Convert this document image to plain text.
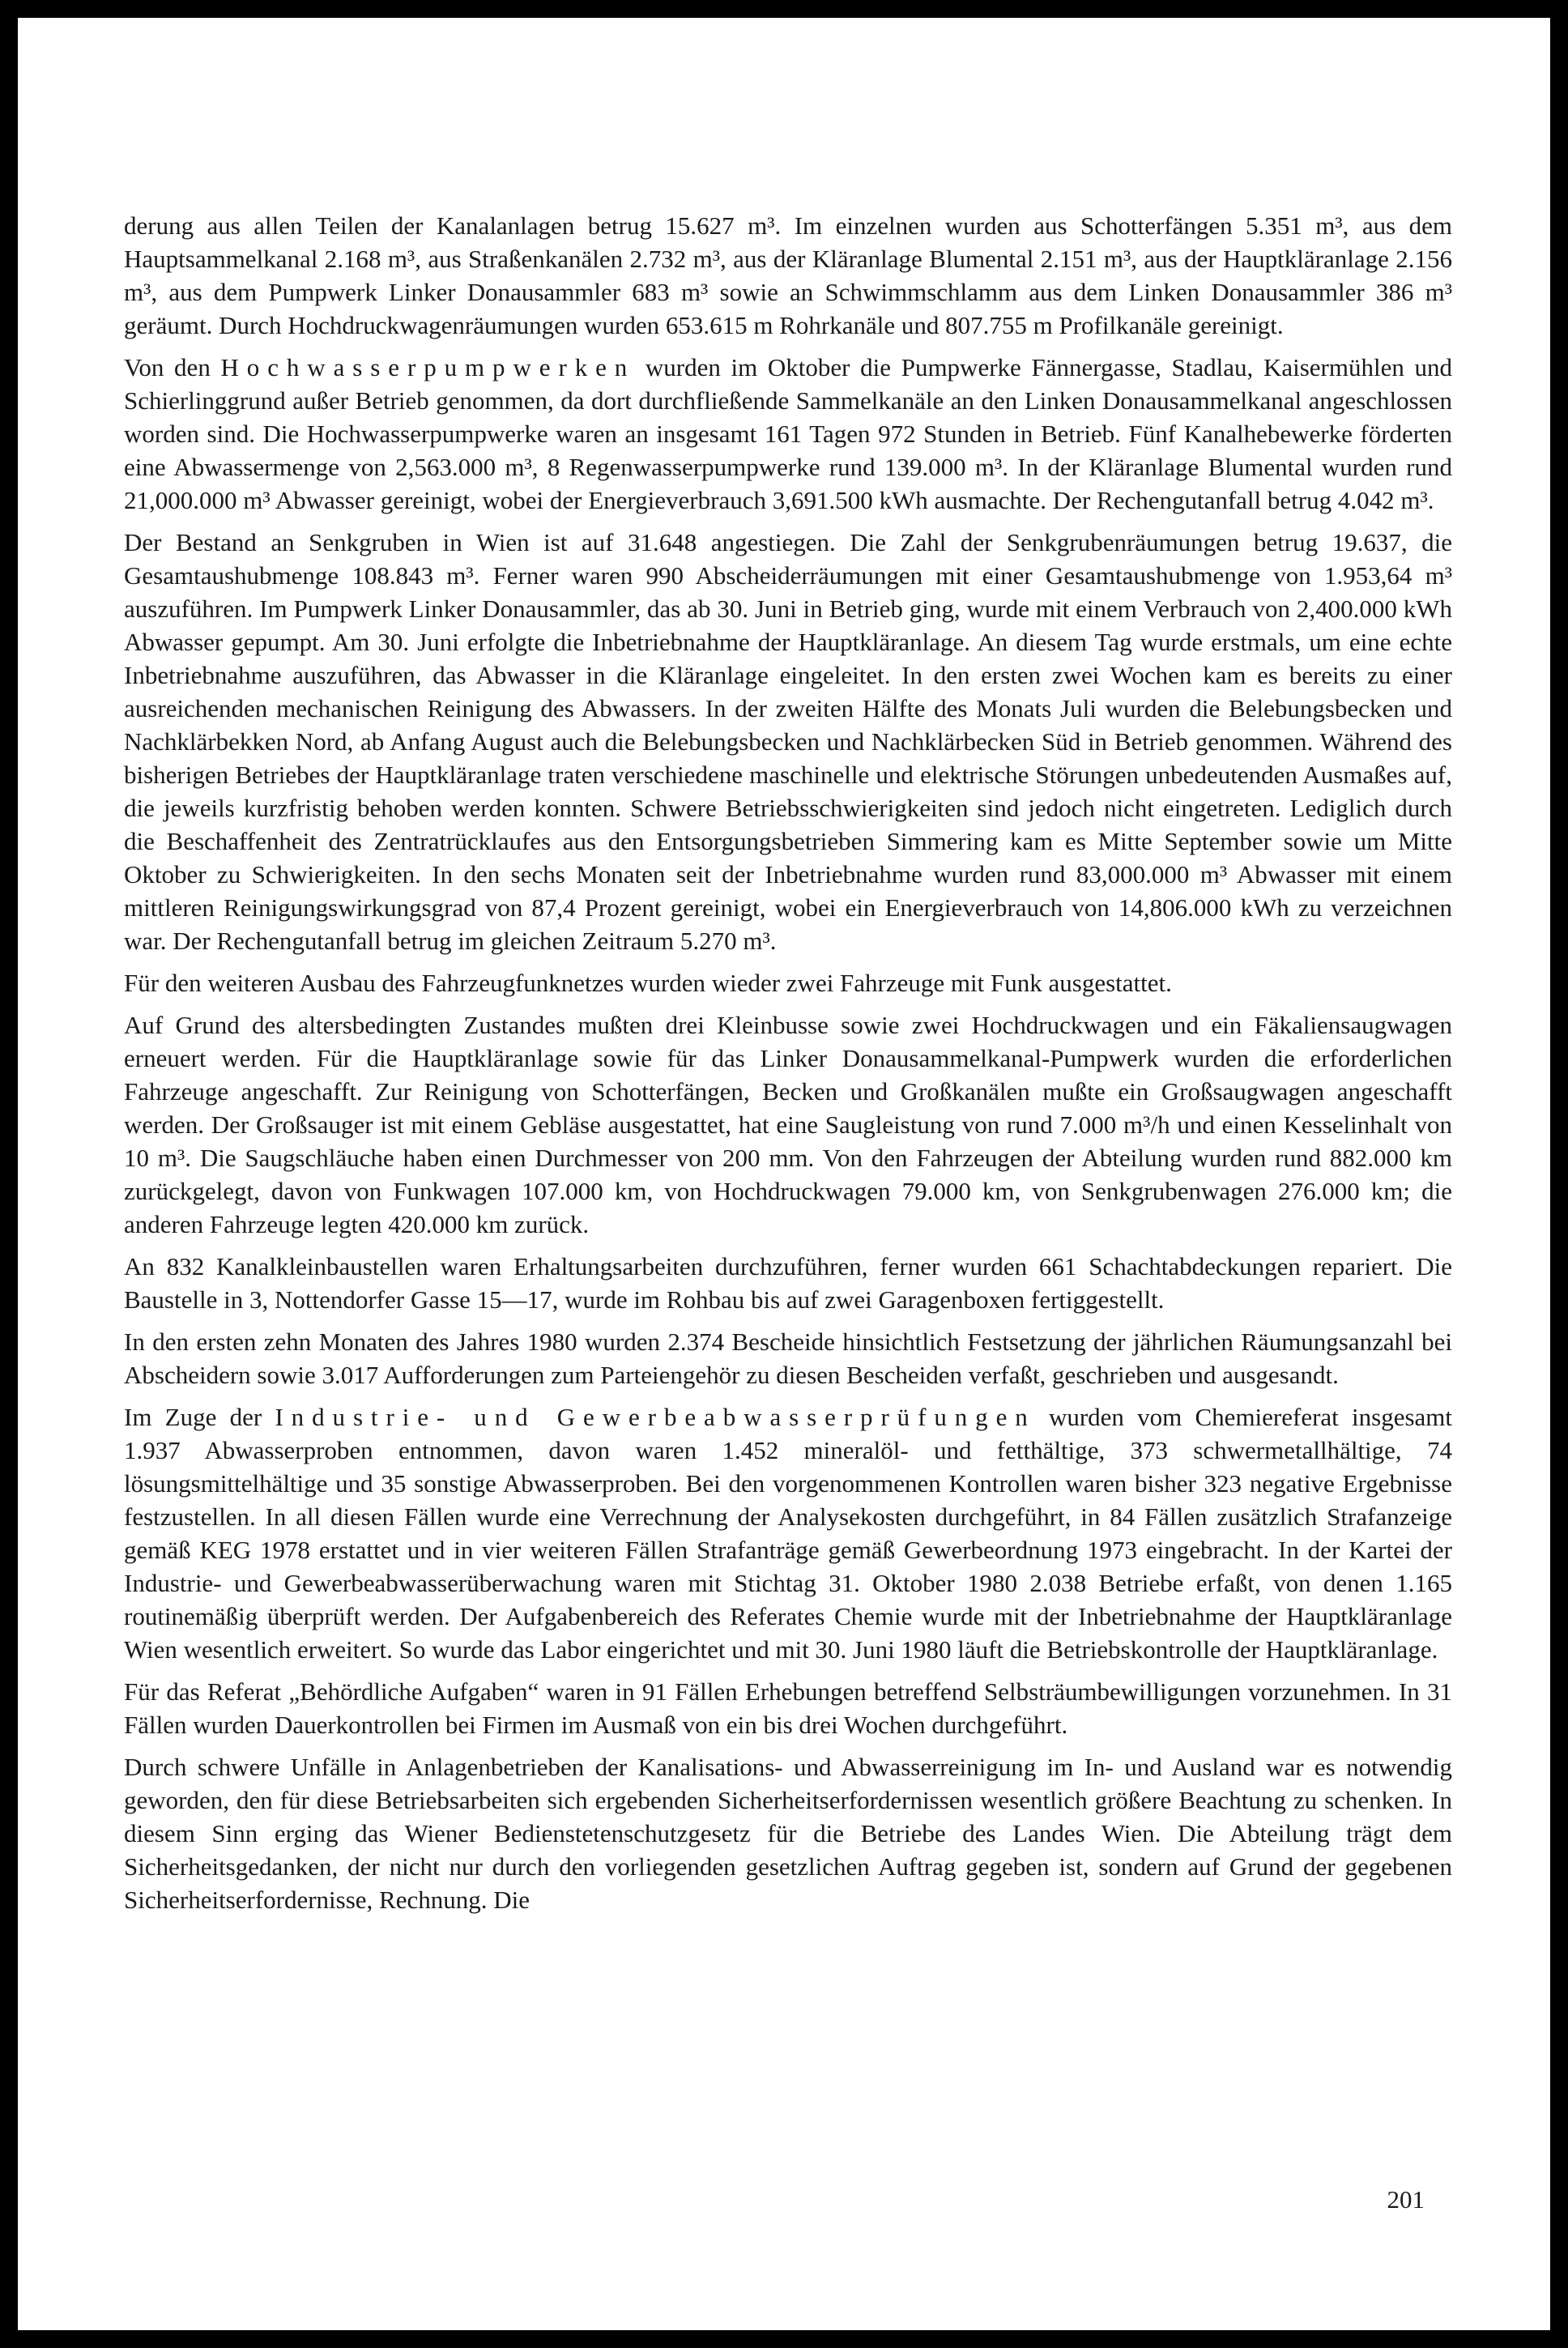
derung aus allen Teilen der Kanalanlagen betrug 15.627 m³. Im einzelnen wurden aus Schotterfängen 5.351 m³, aus dem Hauptsammelkanal 2.168 m³, aus Straßenkanälen 2.732 m³, aus der Kläranlage Blumental 2.151 m³, aus der Hauptkläranlage 2.156 m³, aus dem Pumpwerk Linker Donausammler 683 m³ sowie an Schwimmschlamm aus dem Linken Donausammler 386 m³ geräumt. Durch Hochdruckwagenräumungen wurden 653.615 m Rohrkanäle und 807.755 m Profilkanäle gereinigt.

Von den Hochwasserpumpwerken wurden im Oktober die Pumpwerke Fännergasse, Stadlau, Kaisermühlen und Schierlinggrund außer Betrieb genommen, da dort durchfließende Sammelkanäle an den Linken Donausammelkanal angeschlossen worden sind. Die Hochwasserpumpwerke waren an insgesamt 161 Tagen 972 Stunden in Betrieb. Fünf Kanalhebewerke förderten eine Abwassermenge von 2,563.000 m³, 8 Regenwasserpumpwerke rund 139.000 m³. In der Kläranlage Blumental wurden rund 21,000.000 m³ Abwasser gereinigt, wobei der Energieverbrauch 3,691.500 kWh ausmachte. Der Rechengutanfall betrug 4.042 m³.

Der Bestand an Senkgruben in Wien ist auf 31.648 angestiegen. Die Zahl der Senkgrubenräumungen betrug 19.637, die Gesamtaushubmenge 108.843 m³. Ferner waren 990 Abscheiderräumungen mit einer Gesamtaushubmenge von 1.953,64 m³ auszuführen. Im Pumpwerk Linker Donausammler, das ab 30. Juni in Betrieb ging, wurde mit einem Verbrauch von 2,400.000 kWh Abwasser gepumpt. Am 30. Juni erfolgte die Inbetriebnahme der Hauptkläranlage. An diesem Tag wurde erstmals, um eine echte Inbetriebnahme auszuführen, das Abwasser in die Kläranlage eingeleitet. In den ersten zwei Wochen kam es bereits zu einer ausreichenden mechanischen Reinigung des Abwassers. In der zweiten Hälfte des Monats Juli wurden die Belebungsbecken und Nachklärbekken Nord, ab Anfang August auch die Belebungsbecken und Nachklärbecken Süd in Betrieb genommen. Während des bisherigen Betriebes der Hauptkläranlage traten verschiedene maschinelle und elektrische Störungen unbedeutenden Ausmaßes auf, die jeweils kurzfristig behoben werden konnten. Schwere Betriebsschwierigkeiten sind jedoch nicht eingetreten. Lediglich durch die Beschaffenheit des Zentratrücklaufes aus den Entsorgungsbetrieben Simmering kam es Mitte September sowie um Mitte Oktober zu Schwierigkeiten. In den sechs Monaten seit der Inbetriebnahme wurden rund 83,000.000 m³ Abwasser mit einem mittleren Reinigungswirkungsgrad von 87,4 Prozent gereinigt, wobei ein Energieverbrauch von 14,806.000 kWh zu verzeichnen war. Der Rechengutanfall betrug im gleichen Zeitraum 5.270 m³.

Für den weiteren Ausbau des Fahrzeugfunknetzes wurden wieder zwei Fahrzeuge mit Funk ausgestattet.

Auf Grund des altersbedingten Zustandes mußten drei Kleinbusse sowie zwei Hochdruckwagen und ein Fäkaliensaugwagen erneuert werden. Für die Hauptkläranlage sowie für das Linker Donausammelkanal-Pumpwerk wurden die erforderlichen Fahrzeuge angeschafft. Zur Reinigung von Schotterfängen, Becken und Großkanälen mußte ein Großsaugwagen angeschafft werden. Der Großsauger ist mit einem Gebläse ausgestattet, hat eine Saugleistung von rund 7.000 m³/h und einen Kesselinhalt von 10 m³. Die Saugschläuche haben einen Durchmesser von 200 mm. Von den Fahrzeugen der Abteilung wurden rund 882.000 km zurückgelegt, davon von Funkwagen 107.000 km, von Hochdruckwagen 79.000 km, von Senkgrubenwagen 276.000 km; die anderen Fahrzeuge legten 420.000 km zurück.

An 832 Kanalkleinbaustellen waren Erhaltungsarbeiten durchzuführen, ferner wurden 661 Schachtabdeckungen repariert. Die Baustelle in 3, Nottendorfer Gasse 15—17, wurde im Rohbau bis auf zwei Garagenboxen fertiggestellt.

In den ersten zehn Monaten des Jahres 1980 wurden 2.374 Bescheide hinsichtlich Festsetzung der jährlichen Räumungsanzahl bei Abscheidern sowie 3.017 Aufforderungen zum Parteiengehör zu diesen Bescheiden verfaßt, geschrieben und ausgesandt.

Im Zuge der Industrie- und Gewerbeabwasserprüfungen wurden vom Chemiereferat insgesamt 1.937 Abwasserproben entnommen, davon waren 1.452 mineralöl- und fetthältige, 373 schwermetallhältige, 74 lösungsmittelhältige und 35 sonstige Abwasserproben. Bei den vorgenommenen Kontrollen waren bisher 323 negative Ergebnisse festzustellen. In all diesen Fällen wurde eine Verrechnung der Analysekosten durchgeführt, in 84 Fällen zusätzlich Strafanzeige gemäß KEG 1978 erstattet und in vier weiteren Fällen Strafanträge gemäß Gewerbeordnung 1973 eingebracht. In der Kartei der Industrie- und Gewerbeabwasserüberwachung waren mit Stichtag 31. Oktober 1980 2.038 Betriebe erfaßt, von denen 1.165 routinemäßig überprüft werden. Der Aufgabenbereich des Referates Chemie wurde mit der Inbetriebnahme der Hauptkläranlage Wien wesentlich erweitert. So wurde das Labor eingerichtet und mit 30. Juni 1980 läuft die Betriebskontrolle der Hauptkläranlage.

Für das Referat „Behördliche Aufgaben“ waren in 91 Fällen Erhebungen betreffend Selbsträumbewilligungen vorzunehmen. In 31 Fällen wurden Dauerkontrollen bei Firmen im Ausmaß von ein bis drei Wochen durchgeführt.

Durch schwere Unfälle in Anlagenbetrieben der Kanalisations- und Abwasserreinigung im In- und Ausland war es notwendig geworden, den für diese Betriebsarbeiten sich ergebenden Sicherheitserfordernissen wesentlich größere Beachtung zu schenken. In diesem Sinn erging das Wiener Bedienstetenschutzgesetz für die Betriebe des Landes Wien. Die Abteilung trägt dem Sicherheitsgedanken, der nicht nur durch den vorliegenden gesetzlichen Auftrag gegeben ist, sondern auf Grund der gegebenen Sicherheitserfordernisse, Rechnung. Die

201
